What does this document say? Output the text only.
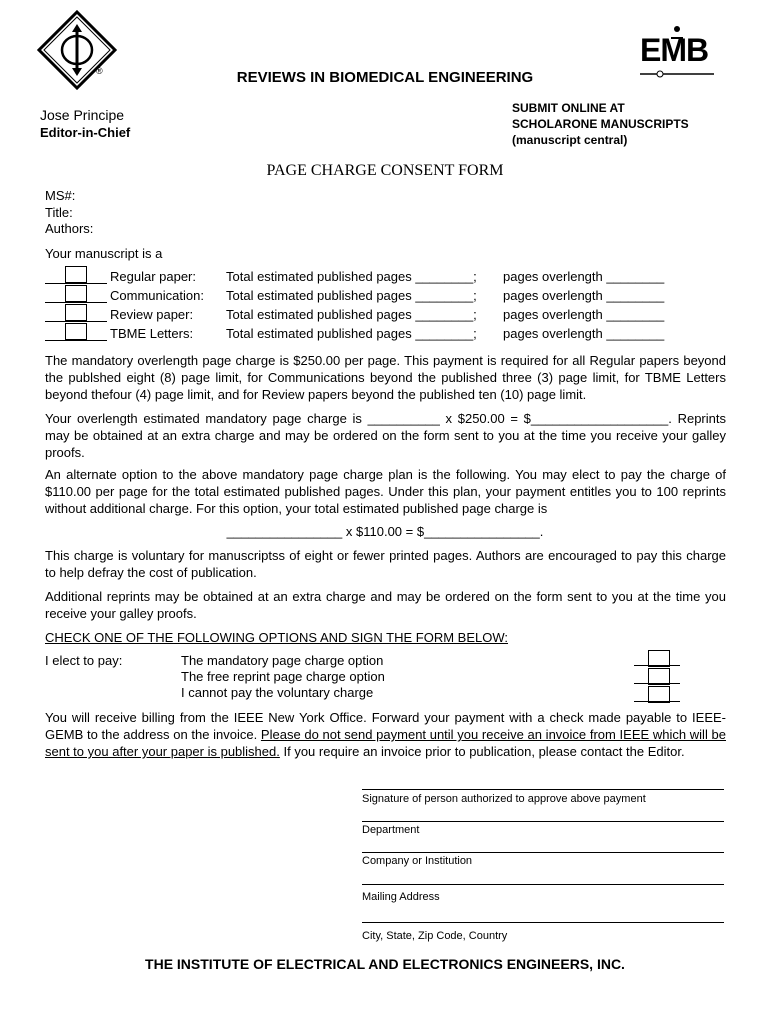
®
EMB
REVIEWS IN BIOMEDICAL ENGINEERING
Jose Principe
Editor-in-Chief
SUBMIT ONLINE AT
SCHOLARONE MANUSCRIPTS
(manuscript central)
PAGE CHARGE CONSENT FORM
MS#:
Title:
Authors:
Your manuscript is a
Regular paper: Total estimated published pages ________; pages overlength ________
Communication: Total estimated published pages ________; pages overlength ________
Review paper:	Total estimated published pages ________; pages overlength ________
TBME Letters:	Total estimated published pages ________; pages overlength ________
The mandatory overlength page charge is $250.00 per page. This payment is required for all Regular papers beyond the publshed eight (8) page limit, for Communications beyond the published three (3) page limit, for TBME Letters beyond thefour (4) page limit, and for Review papers beyond the published ten (10) page limit.
Your overlength estimated mandatory page charge is __________ x $250.00 = $___________________. Reprints may be obtained at an extra charge and may be ordered on the form sent to you at the time you receive your galley proofs.
An alternate option to the above mandatory page charge plan is the following. You may elect to pay the charge of $110.00 per page for the total estimated published pages. Under this plan, your payment entitles you to 100 reprints without additional charge. For this option, your total estimated published page charge is
________________ x $110.00 = $________________.
This charge is voluntary for manuscriptss of eight or fewer printed pages. Authors are encouraged to pay this charge to help defray the cost of publication.
Additional reprints may be obtained at an extra charge and may be ordered on the form sent to you at the time you receive your galley proofs.
CHECK ONE OF THE FOLLOWING OPTIONS AND SIGN THE FORM BELOW:
I elect to pay:	The mandatory page charge option
The free reprint page charge option
I cannot pay the voluntary charge
You will receive billing from the IEEE New York Office. Forward your payment with a check made payable to IEEE-GEMB to the address on the invoice. Please do not send payment until you receive an invoice from IEEE which will be sent to you after your paper is published. If you require an invoice prior to publication, please contact the Editor.
Signature of person authorized to approve above payment
Department
Company or Institution
Mailing Address
City, State, Zip Code, Country
THE INSTITUTE OF ELECTRICAL AND ELECTRONICS ENGINEERS, INC.
